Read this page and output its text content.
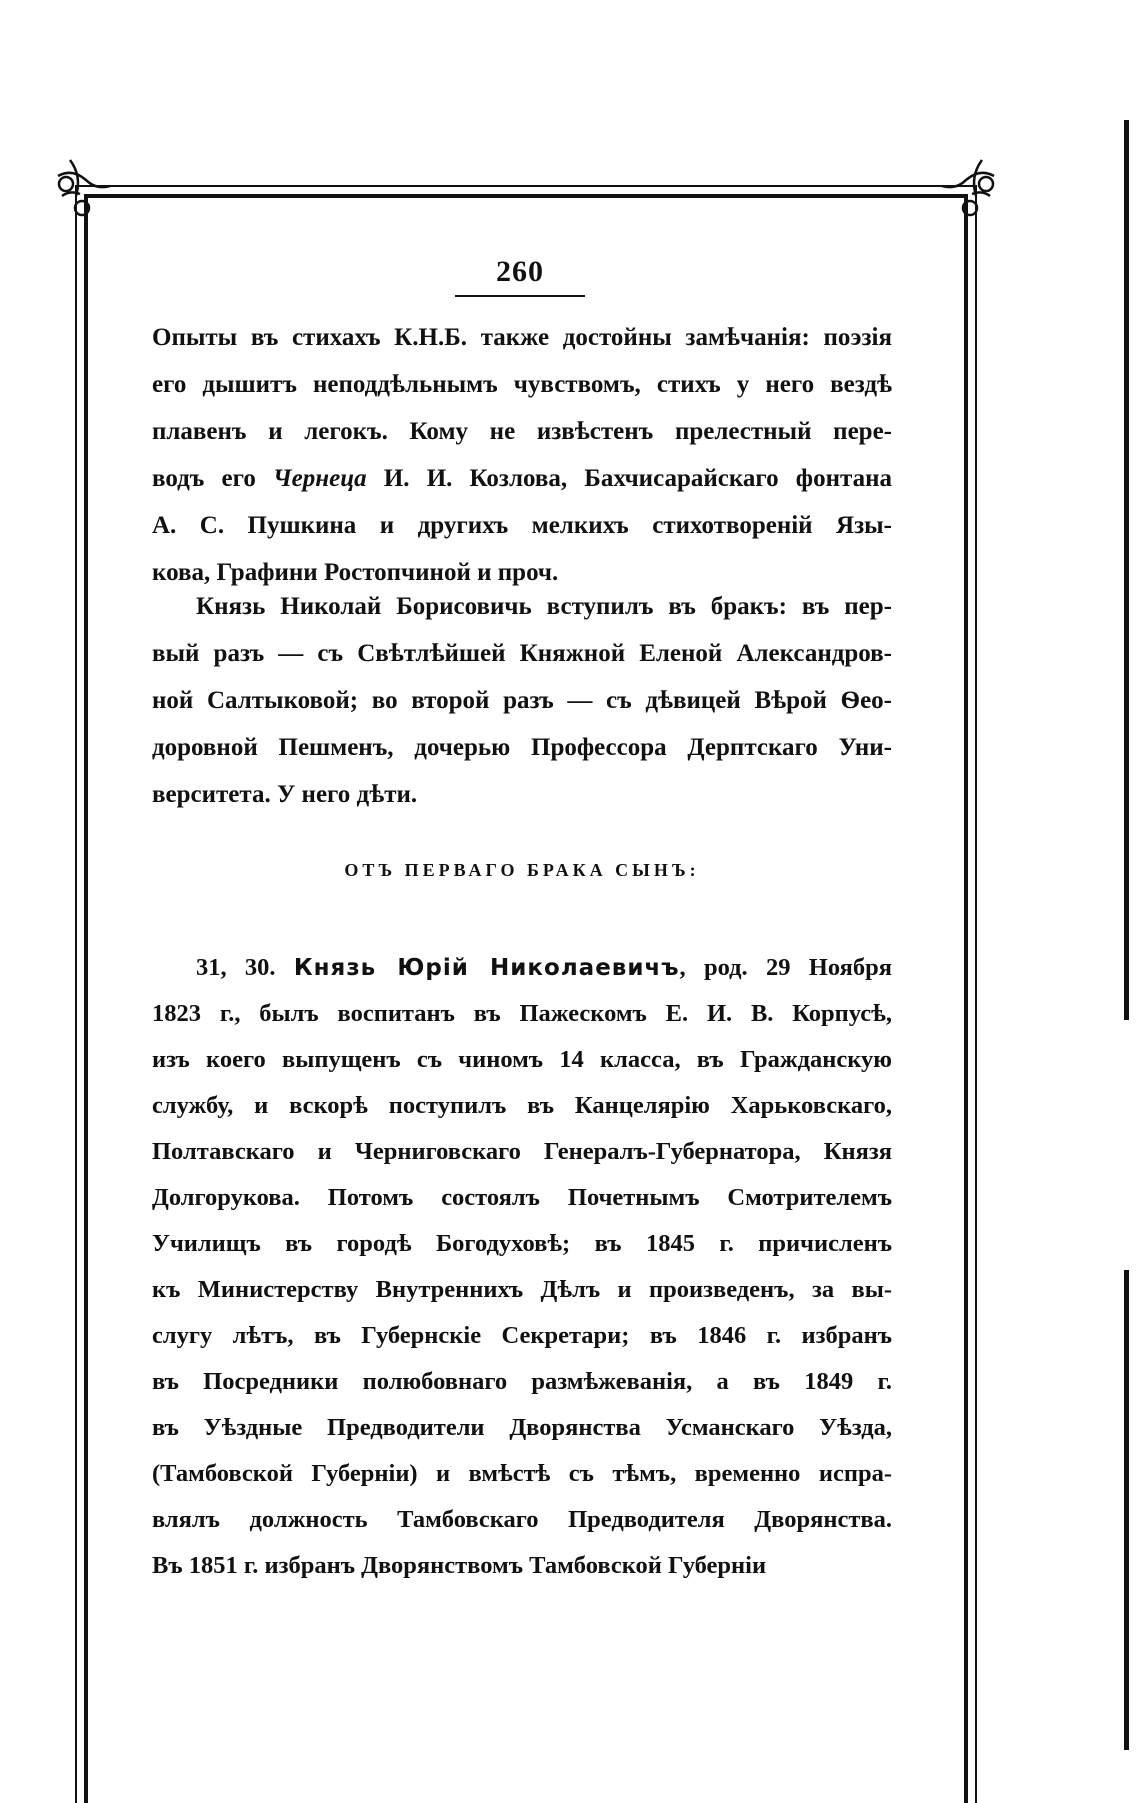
260
Опыты въ стихахъ К.Н.Б. также достойны замѣчанія: поэзія
его дышитъ неподдѣльнымъ чувствомъ, стихъ у него вездѣ
плавенъ и легокъ. Кому не извѣстенъ прелестный пере-
водъ его Чернеца И. И. Козлова, Бахчисарайскаго фонтана
А. С. Пушкина и другихъ мелкихъ стихотвореній Язы-
кова, Графини Ростопчиной и проч.
Князь Николай Борисовичь вступилъ въ бракъ: въ пер-
вый разъ — съ Свѣтлѣйшей Княжной Еленой Александров-
ной Салтыковой; во второй разъ — съ дѣвицей Вѣрой Ѳео-
доровной Пешменъ, дочерью Профессора Дерптскаго Уни-
верситета. У него дѣти.
ОТЪ ПЕРВАГО БРАКА СЫНЪ:
31, 30. Князь Юрій Николаевичъ, род. 29 Ноября
1823 г., былъ воспитанъ въ Пажескомъ Е. И. В. Корпусѣ,
изъ коего выпущенъ съ чиномъ 14 класса, въ Гражданскую
службу, и вскорѣ поступилъ въ Канцелярію Харьковскаго,
Полтавскаго и Черниговскаго Генералъ-Губернатора, Князя
Долгорукова. Потомъ состоялъ Почетнымъ Смотрителемъ
Училищъ въ городѣ Богодуховѣ; въ 1845 г. причисленъ
къ Министерству Внутреннихъ Дѣлъ и произведенъ, за вы-
слугу лѣтъ, въ Губернскіе Секретари; въ 1846 г. избранъ
въ Посредники полюбовнаго размѣжеванія, а въ 1849 г.
въ Уѣздные Предводители Дворянства Усманскаго Уѣзда,
(Тамбовской Губерніи) и вмѣстѣ съ тѣмъ, временно испра-
влялъ должность Тамбовскаго Предводителя Дворянства.
Въ 1851 г. избранъ Дворянствомъ Тамбовской Губерніи
